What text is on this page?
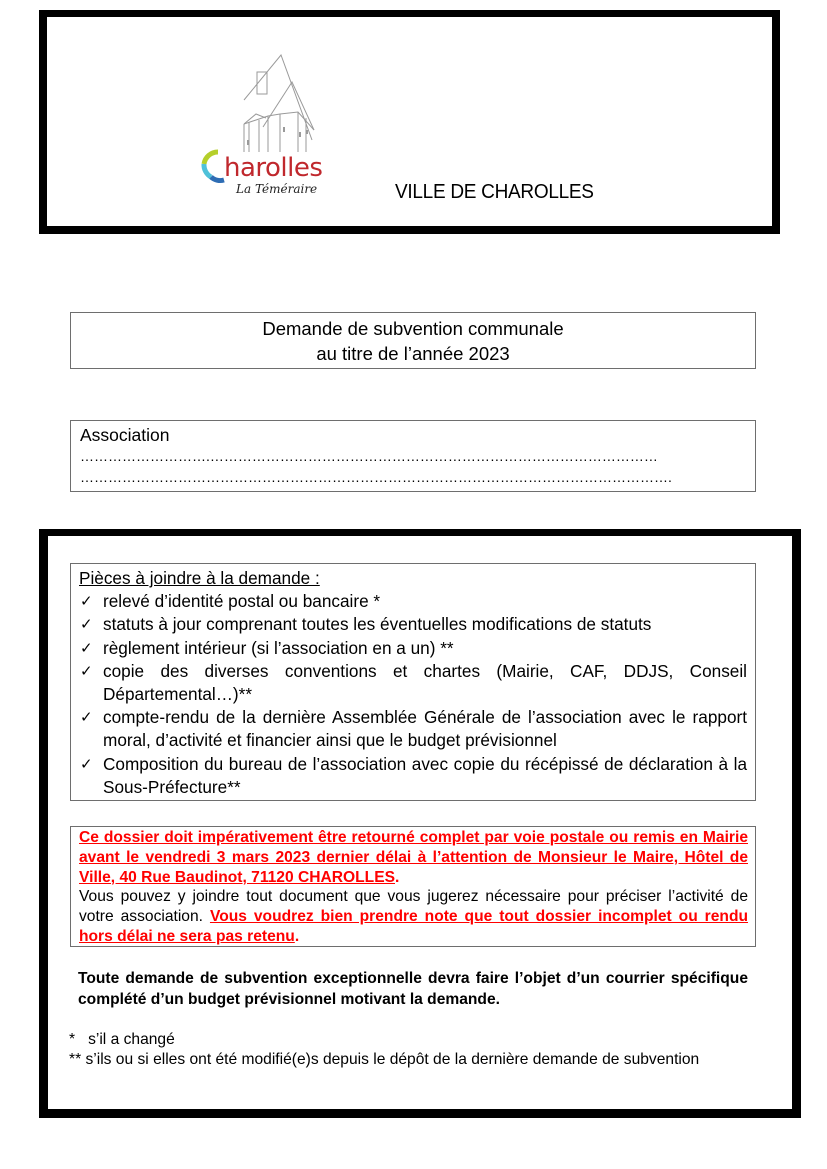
harolles
La Téméraire	VILLE DE CHAROLLES
Demande de subvention communale
au titre de l’année 2023
Association
……………………….……………………………………………………………………………………
……………………………………………………………………………………………………………….
Pièces à joindre à la demande :
✓ relevé d’identité postal ou bancaire *
✓ statuts à jour comprenant toutes les éventuelles modifications de statuts
✓ règlement intérieur (si l’association en a un) **
✓ copie des diverses conventions et chartes (Mairie, CAF, DDJS, Conseil Départemental…)**
✓ compte-rendu de la dernière Assemblée Générale de l’association avec le rapport moral, d’activité et financier ainsi que le budget prévisionnel
✓ Composition du bureau de l’association avec copie du récépissé de déclaration à la Sous-Préfecture**
Ce dossier doit impérativement être retourné complet par voie postale ou remis en Mairie avant le vendredi 3 mars 2023 dernier délai à l’attention de Monsieur le Maire, Hôtel de Ville, 40 Rue Baudinot, 71120 CHAROLLES.
Vous pouvez y joindre tout document que vous jugerez nécessaire pour préciser l’activité de votre association. Vous voudrez bien prendre note que tout dossier incomplet ou rendu hors délai ne sera pas retenu.
Toute demande de subvention exceptionnelle devra faire l’objet d’un courrier spécifique complété d’un budget prévisionnel motivant la demande.
* s’il a changé
** s’ils ou si elles ont été modifié(e)s depuis le dépôt de la dernière demande de subvention
